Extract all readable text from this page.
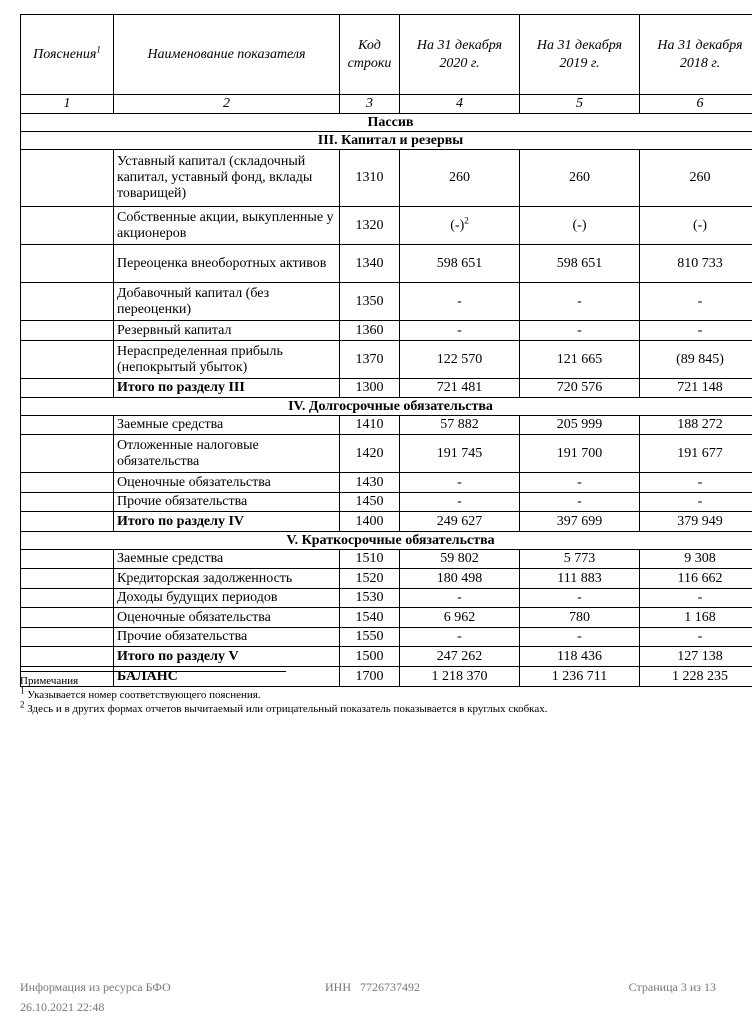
Пояснения$^1$	Наименование показателя	Код строки	На 31 декабря 2020 г.	На 31 декабря 2019 г.	На 31 декабря 2018 г.
1	2	3	4	5	6
Пассив					
III. Капитал и резервы					
	Уставный капитал (складочный капитал, уставный фонд, вклады товарищей)	1310	260	260	260
	Собственные акции, выкупленные у акционеров	1320	$(-)^2$	(-)	(-)
	Переоценка внеоборотных активов	1340	598 651	598 651	810 733
	Добавочный капитал (без переоценки)	1350	-	-	-
	Резервный капитал	1360	-	-	-
	Нераспределенная прибыль (непокрытый убыток)	1370	122 570	121 665	(89 845)
	Итого по разделу III	1300	721 481	720 576	721 148
IV. Долгосрочные обязательства					
	Заемные средства	1410	57 882	205 999	188 272
	Отложенные налоговые обязательства	1420	191 745	191 700	191 677
	Оценочные обязательства	1430	-	-	-
	Прочие обязательства	1450	-	-	-
	Итого по разделу IV	1400	249 627	397 699	379 949
V. Краткосрочные обязательства					
	Заемные средства	1510	59 802	5 773	9 308
	Кредиторская задолженность	1520	180 498	111 883	116 662
	Доходы будущих периодов	1530	-	-	-
	Оценочные обязательства	1540	6 962	780	1 168
	Прочие обязательства	1550	-	-	-
	Итого по разделу V	1500	247 262	118 436	127 138
	БАЛАНС	1700	1 218 370	1 236 711	1 228 235
Примечания
$^1$ Указывается номер соответствующего пояснения.
$^2$ Здесь и в других формах отчетов вычитаемый или отрицательный показатель показывается в круглых скобках.
Информация из ресурса БФО	ИНН 7726737492	Страница 3 из 13
26.10.2021 22:48
